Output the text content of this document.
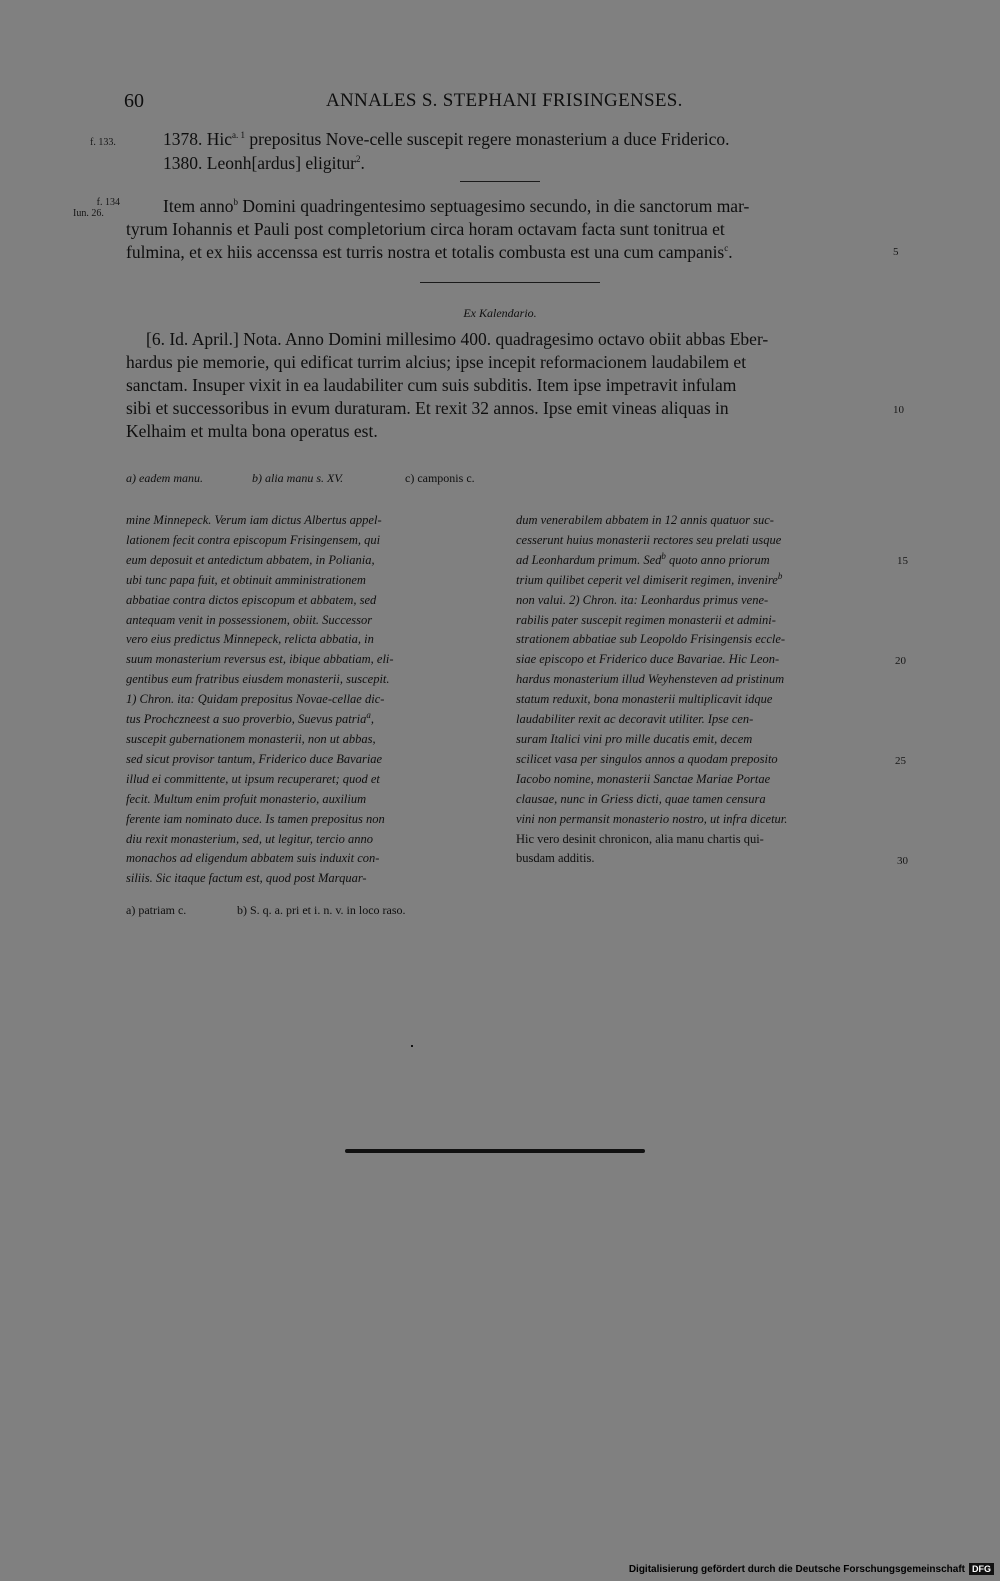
60	ANNALES S. STEPHANI FRISINGENSES.
f. 133.	1378. Hic$^{a. 1}$ prepositus Nove-celle suscepit regere monasterium a duce Friderico.
1380. Leonh[ardus] eligitur$^2$.
f. 134
Iun. 26.	Item anno$^b$ Domini quadringentesimo septuagesimo secundo, in die sanctorum mar-
tyrum Iohannis et Pauli post completorium circa horam octavam facta sunt tonitrua et
fulmina, et ex hiis accenssa est turris nostra et totalis combusta est una cum campanis$^c$.	5
Ex Kalendario.
[6. Id. April.] Nota. Anno Domini millesimo 400. quadragesimo octavo obiit abbas Eber-
hardus pie memorie, qui edificat turrim alcius; ipse incepit reformacionem laudabilem et
sanctam. Insuper vixit in ea laudabiliter cum suis subditis. Item ipse impetravit infulam
sibi et successoribus in evum duraturam. Et rexit 32 annos. Ipse emit vineas aliquas in
Kelhaim et multa bona operatus est.
10
a) eadem manu.	b) alia manu s. XV.	c) camponis c.
mine Minnepeck. Verum iam dictus Albertus appel-
lationem fecit contra episcopum Frisingensem, qui
eum deposuit et antedictum abbatem, in Poliania,
ubi tunc papa fuit, et obtinuit amministrationem
abbatiae contra dictos episcopum et abbatem, sed
antequam venit in possessionem, obiit. Successor
vero eius predictus Minnepeck, relicta abbatia, in
suum monasterium reversus est, ibique abbatiam, eli-
gentibus eum fratribus eiusdem monasterii, suscepit.
1) Chron. ita: Quidam prepositus Novae-cellae dic-
tus Prochczneest a suo proverbio, Suevus patria$^a$,
suscepit gubernationem monasterii, non ut abbas,
sed sicut provisor tantum, Friderico duce Bavariae
illud ei committente, ut ipsum recuperaret; quod et
fecit. Multum enim profuit monasterio, auxilium
ferente iam nominato duce. Is tamen prepositus non
diu rexit monasterium, sed, ut legitur, tercio anno
monachos ad eligendum abbatem suis induxit con-
siliis. Sic itaque factum est, quod post Marquar-
dum venerabilem abbatem in 12 annis quatuor suc-
cesserunt huius monasterii rectores seu prelati usque
ad Leonhardum primum. Sed$^b$ quoto anno priorum
trium quilibet ceperit vel dimiserit regimen, invenire$^b$
non valui. 2) Chron. ita: Leonhardus primus vene-
rabilis pater suscepit regimen monasterii et admini-
strationem abbatiae sub Leopoldo Frisingensis eccle-
siae episcopo et Friderico duce Bavariae. Hic Leon-
hardus monasterium illud Weyhensteven ad pristinum
statum reduxit, bona monasterii multiplicavit idque
laudabiliter rexit ac decoravit utiliter. Ipse cen-
suram Italici vini pro mille ducatis emit, decem
scilicet vasa per singulos annos a quodam preposito
Iacobo nomine, monasterii Sanctae Mariae Portae
clausae, nunc in Griess dicti, quae tamen censura
vini non permansit monasterio nostro, ut infra dicetur.
Hic vero desinit chronicon, alia manu chartis qui-
busdam additis.
15
20
25
30
a) patriam c.	b) S. q. a. pri et i. n. v. in loco raso.
Digitalisierung gefördert durch die Deutsche Forschungsgemeinschaft DFG
